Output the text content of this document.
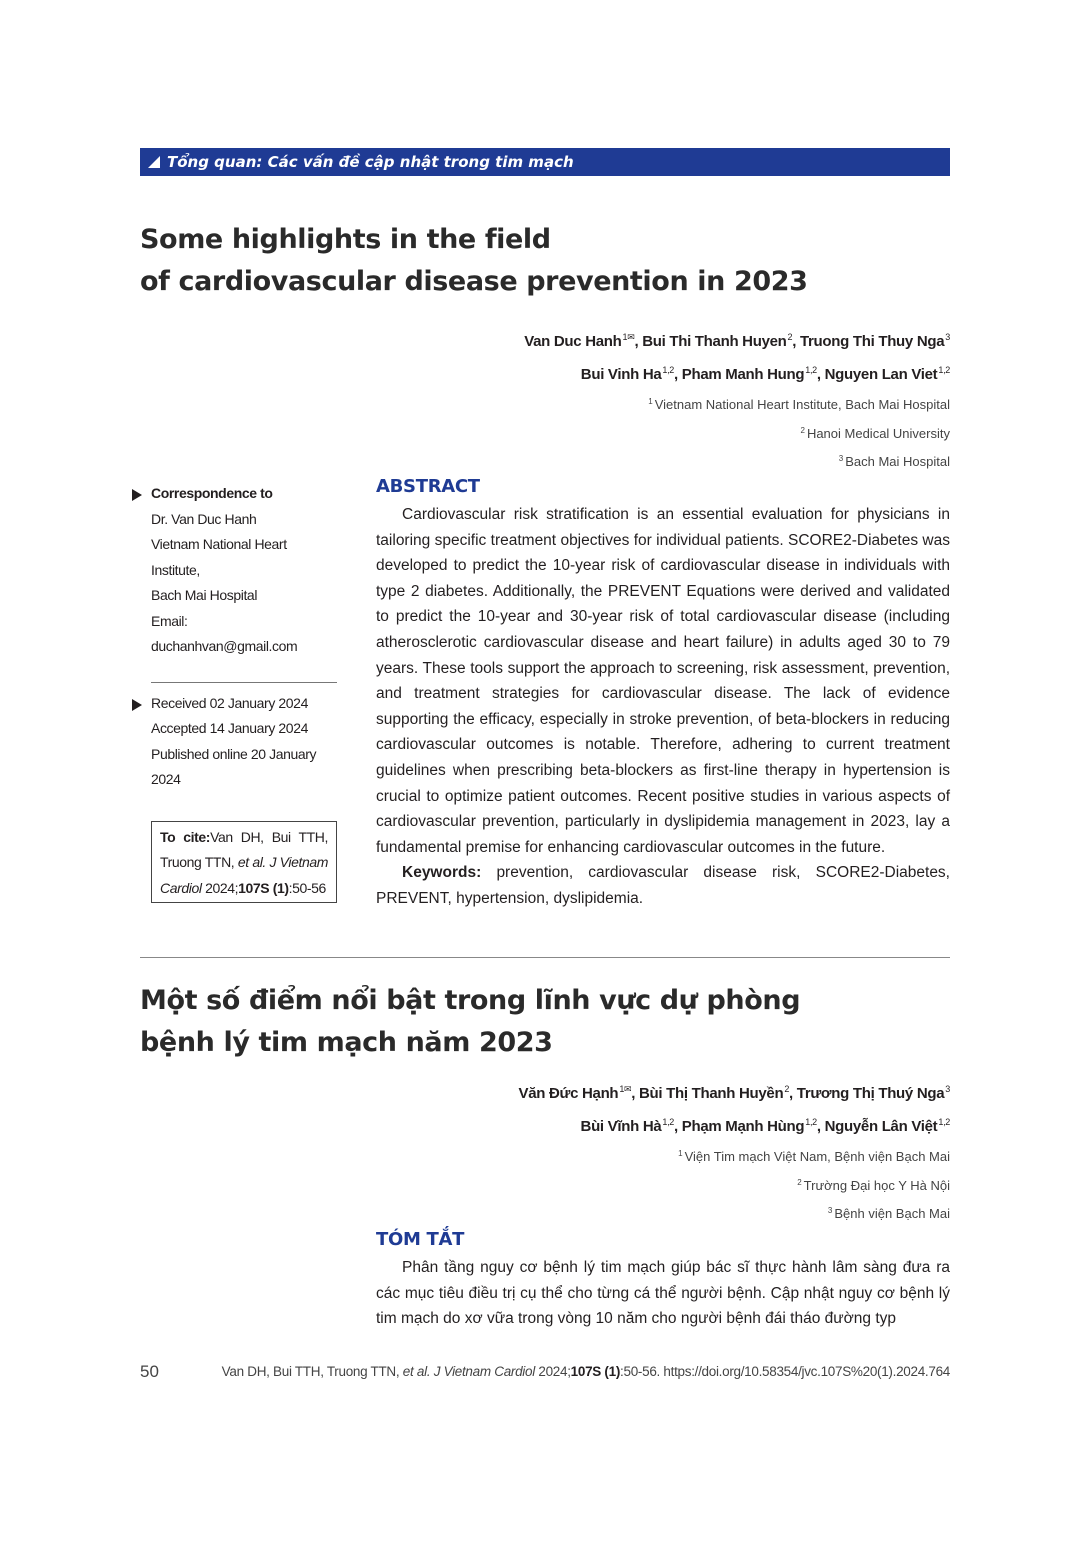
Tổng quan: Các vấn đề cập nhật trong tim mạch
Some highlights in the field
of cardiovascular disease prevention in 2023
Van Duc Hanh$^{1✉}$, Bui Thi Thanh Huyen$^2$, Truong Thi Thuy Nga$^3$
Bui Vinh Ha$^{1,2}$, Pham Manh Hung$^{1,2}$, Nguyen Lan Viet$^{1,2}$
$^1$ Vietnam National Heart Institute, Bach Mai Hospital
$^2$ Hanoi Medical University
$^3$ Bach Mai Hospital
Correspondence to
Dr. Van Duc Hanh
Vietnam National Heart Institute,
Bach Mai Hospital
Email: duchanhvan@gmail.com
Received 02 January 2024
Accepted 14 January 2024
Published online 20 January 2024
To cite:Van DH, Bui TTH, Truong TTN, et al. J Vietnam Cardiol 2024;107S (1):50-56
ABSTRACT

Cardiovascular risk stratification is an essential evaluation for physicians in tailoring specific treatment objectives for individual patients. SCORE2-Diabetes was developed to predict the 10-year risk of cardiovascular disease in individuals with type 2 diabetes. Additionally, the PREVENT Equations were derived and validated to predict the 10-year and 30-year risk of total cardiovascular disease (including atherosclerotic cardiovascular disease and heart failure) in adults aged 30 to 79 years. These tools support the approach to screening, risk assessment, prevention, and treatment strategies for cardiovascular disease. The lack of evidence supporting the efficacy, especially in stroke prevention, of beta-blockers in reducing cardiovascular outcomes is notable. Therefore, adhering to current treatment guidelines when prescribing beta-blockers as first-line therapy in hypertension is crucial to optimize patient outcomes. Recent positive studies in various aspects of cardiovascular prevention, particularly in dyslipidemia management in 2023, lay a fundamental premise for enhancing cardiovascular outcomes in the future.

Keywords: prevention, cardiovascular disease risk, SCORE2-Diabetes, PREVENT, hypertension, dyslipidemia.

Một số điểm nổi bật trong lĩnh vực dự phòng
bệnh lý tim mạch năm 2023
Văn Đức Hạnh$^{1✉}$, Bùi Thị Thanh Huyền$^2$, Trương Thị Thuý Nga$^3$
Bùi Vĩnh Hà$^{1,2}$, Phạm Mạnh Hùng$^{1,2}$, Nguyễn Lân Việt$^{1,2}$
$^1$ Viện Tim mạch Việt Nam, Bệnh viện Bạch Mai
$^2$ Trường Đại học Y Hà Nội
$^3$ Bệnh viện Bạch Mai
TÓM TẮT

Phân tầng nguy cơ bệnh lý tim mạch giúp bác sĩ thực hành lâm sàng đưa ra các mục tiêu điều trị cụ thể cho từng cá thể người bệnh. Cập nhật nguy cơ bệnh lý tim mạch do xơ vữa trong vòng 10 năm cho người bệnh đái tháo đường typ

50	Van DH, Bui TTH, Truong TTN, et al. J Vietnam Cardiol 2024;107S (1):50-56. https://doi.org/10.58354/jvc.107S%20(1).2024.764
